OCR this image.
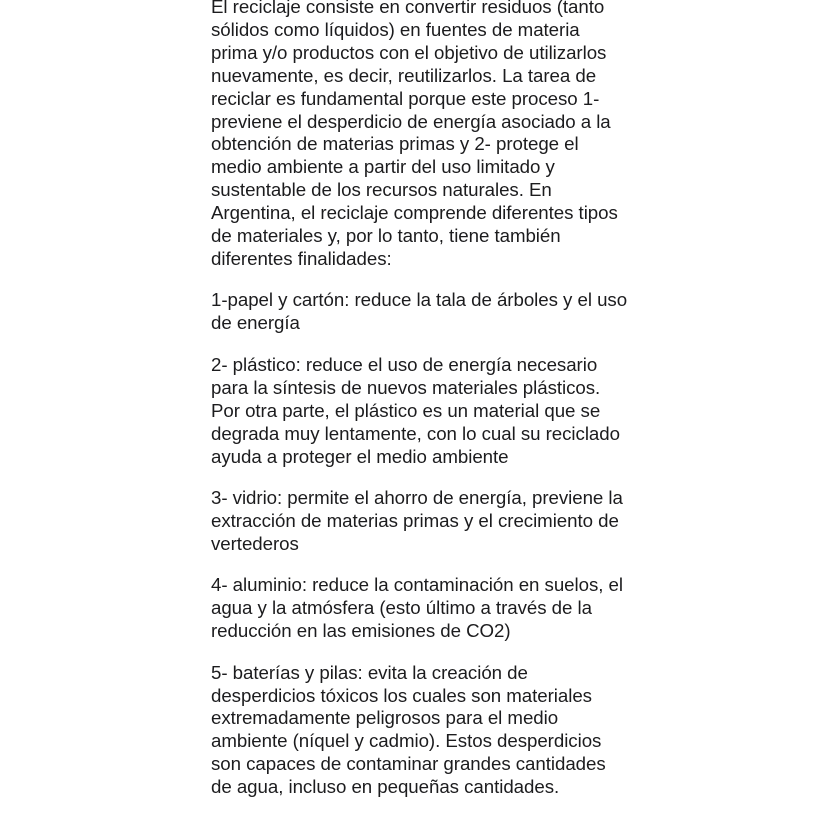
El reciclaje consiste en convertir residuos (tanto sólidos como líquidos) en fuentes de materia prima y/o productos con el objetivo de utilizarlos nuevamente, es decir, reutilizarlos. La tarea de reciclar es fundamental porque este proceso 1-previene el desperdicio de energía asociado a la obtención de materias primas y 2- protege el medio ambiente a partir del uso limitado y sustentable de los recursos naturales. En Argentina, el reciclaje comprende diferentes tipos de materiales y, por lo tanto, tiene también diferentes finalidades:

1-papel y cartón: reduce la tala de árboles y el uso de energía

2- plástico: reduce el uso de energía necesario para la síntesis de nuevos materiales plásticos. Por otra parte, el plástico es un material que se degrada muy lentamente, con lo cual su reciclado ayuda a proteger el medio ambiente

3- vidrio: permite el ahorro de energía, previene la extracción de materias primas y el crecimiento de vertederos

4- aluminio: reduce la contaminación en suelos, el agua y la atmósfera (esto último a través de la reducción en las emisiones de CO2)

5- baterías y pilas: evita la creación de desperdicios tóxicos los cuales son materiales extremadamente peligrosos para el medio ambiente (níquel y cadmio). Estos desperdicios son capaces de contaminar grandes cantidades de agua, incluso en pequeñas cantidades.
